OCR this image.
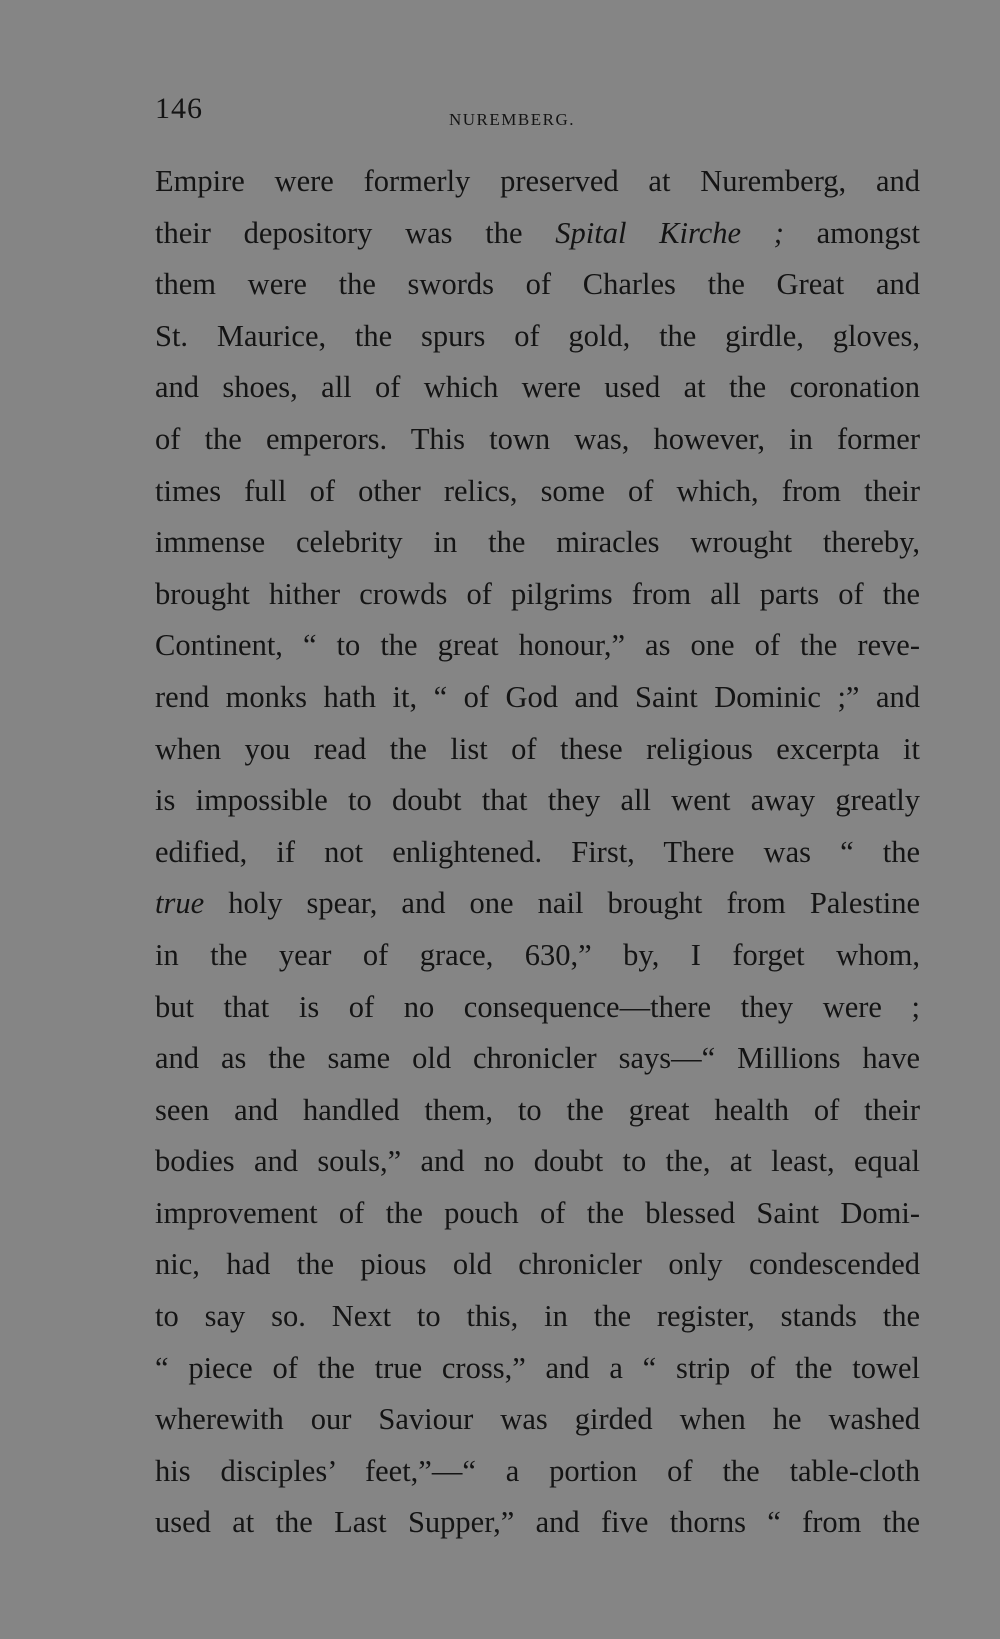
146	NUREMBERG.
Empire were formerly preserved at Nuremberg, and
their depository was the Spital Kirche ; amongst
them were the swords of Charles the Great and
St. Maurice, the spurs of gold, the girdle, gloves,
and shoes, all of which were used at the coronation
of the emperors. This town was, however, in former
times full of other relics, some of which, from their
immense celebrity in the miracles wrought thereby,
brought hither crowds of pilgrims from all parts of the
Continent, “ to the great honour,” as one of the reve-
rend monks hath it, “ of God and Saint Dominic ;” and
when you read the list of these religious excerpta it
is impossible to doubt that they all went away greatly
edified, if not enlightened. First, There was “ the
true holy spear, and one nail brought from Palestine
in the year of grace, 630,” by, I forget whom,
but that is of no consequence—there they were ;
and as the same old chronicler says—“ Millions have
seen and handled them, to the great health of their
bodies and souls,” and no doubt to the, at least, equal
improvement of the pouch of the blessed Saint Domi-
nic, had the pious old chronicler only condescended
to say so. Next to this, in the register, stands the
“ piece of the true cross,” and a “ strip of the towel
wherewith our Saviour was girded when he washed
his disciples’ feet,”—“ a portion of the table-cloth
used at the Last Supper,” and five thorns “ from the
